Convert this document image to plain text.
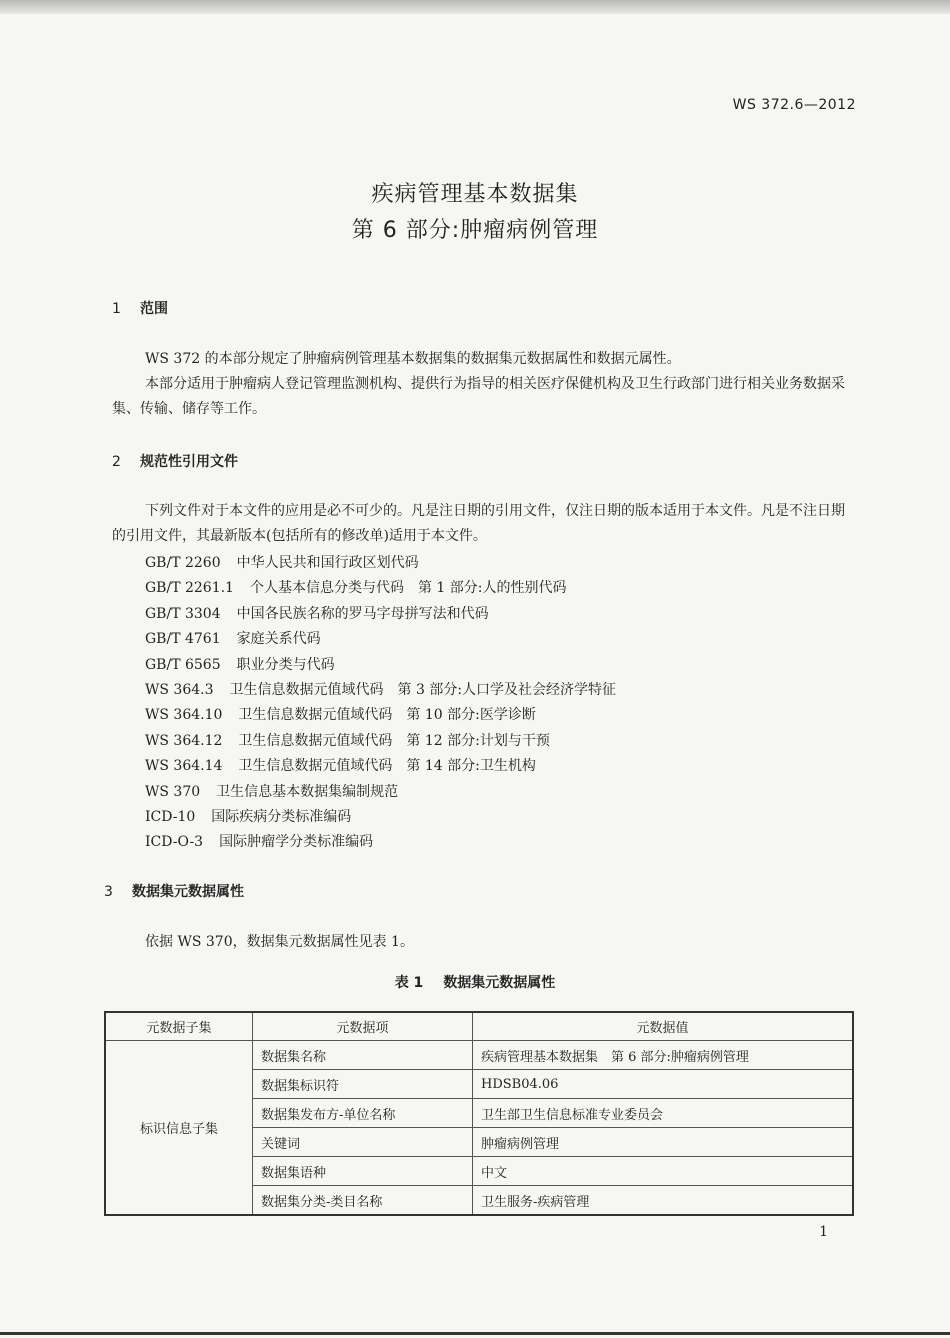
WS 372.6—2012
疾病管理基本数据集
第 6 部分:肿瘤病例管理
1 范围
WS 372 的本部分规定了肿瘤病例管理基本数据集的数据集元数据属性和数据元属性。
本部分适用于肿瘤病人登记管理监测机构、提供行为指导的相关医疗保健机构及卫生行政部门进行相关业务数据采集、传输、储存等工作。
2 规范性引用文件
下列文件对于本文件的应用是必不可少的。凡是注日期的引用文件，仅注日期的版本适用于本文件。凡是不注日期的引用文件，其最新版本(包括所有的修改单)适用于本文件。
GB/T 2260 中华人民共和国行政区划代码
GB/T 2261.1 个人基本信息分类与代码　第 1 部分:人的性别代码
GB/T 3304 中国各民族名称的罗马字母拼写法和代码
GB/T 4761 家庭关系代码
GB/T 6565 职业分类与代码
WS 364.3 卫生信息数据元值域代码　第 3 部分:人口学及社会经济学特征
WS 364.10 卫生信息数据元值域代码　第 10 部分:医学诊断
WS 364.12 卫生信息数据元值域代码　第 12 部分:计划与干预
WS 364.14 卫生信息数据元值域代码　第 14 部分:卫生机构
WS 370 卫生信息基本数据集编制规范
ICD-10 国际疾病分类标准编码
ICD-O-3 国际肿瘤学分类标准编码
3 数据集元数据属性
依据 WS 370，数据集元数据属性见表 1。
表 1 数据集元数据属性
元数据子集	元数据项	元数据值
标识信息子集	数据集名称	疾病管理基本数据集　第 6 部分:肿瘤病例管理
	数据集标识符	HDSB04.06
	数据集发布方-单位名称	卫生部卫生信息标准专业委员会
	关键词	肿瘤病例管理
	数据集语种	中文
	数据集分类-类目名称	卫生服务-疾病管理
1
